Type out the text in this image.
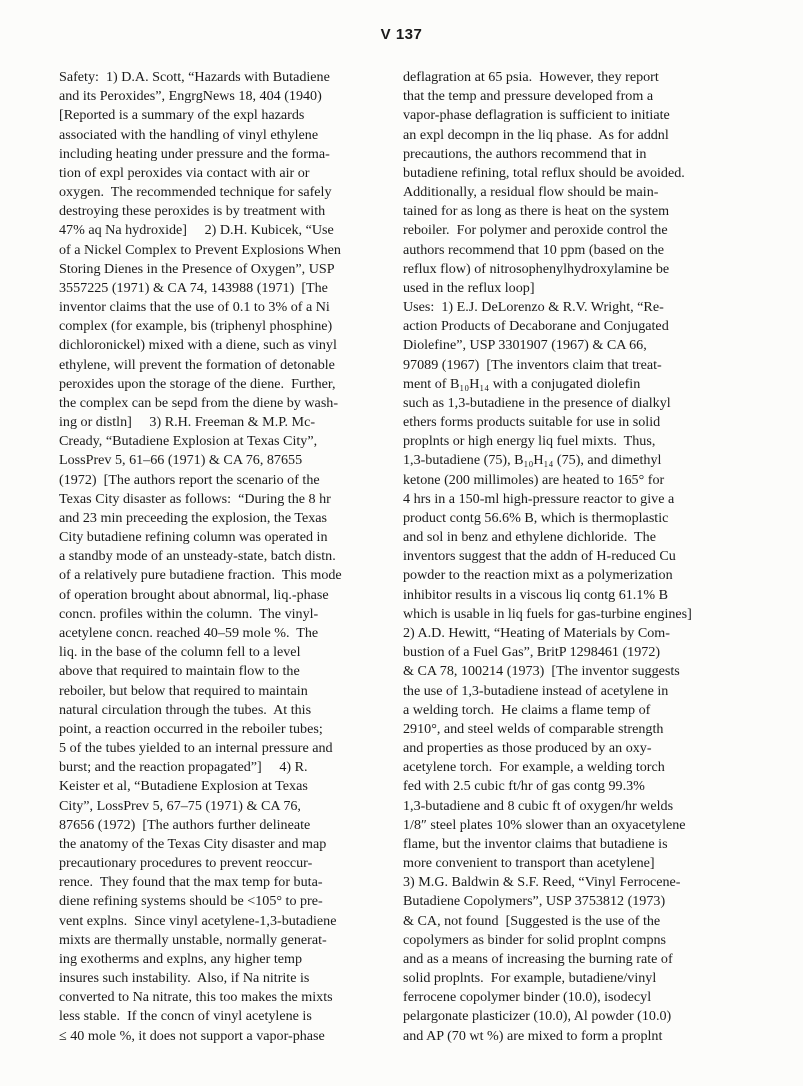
V 137
Safety:  1) D.A. Scott, “Hazards with Butadiene
and its Peroxides”, EngrgNews 18, 404 (1940)
[Reported is a summary of the expl hazards
associated with the handling of vinyl ethylene
including heating under pressure and the forma-
tion of expl peroxides via contact with air or
oxygen.  The recommended technique for safely
destroying these peroxides is by treatment with
47% aq Na hydroxide]     2) D.H. Kubicek, “Use
of a Nickel Complex to Prevent Explosions When
Storing Dienes in the Presence of Oxygen”, USP
3557225 (1971) & CA 74, 143988 (1971)  [The
inventor claims that the use of 0.1 to 3% of a Ni
complex (for example, bis (triphenyl phosphine)
dichloronickel) mixed with a diene, such as vinyl
ethylene, will prevent the formation of detonable
peroxides upon the storage of the diene.  Further,
the complex can be sepd from the diene by wash-
ing or distln]     3) R.H. Freeman & M.P. Mc-
Cready, “Butadiene Explosion at Texas City”,
LossPrev 5, 61–66 (1971) & CA 76, 87655
(1972)  [The authors report the scenario of the
Texas City disaster as follows:  “During the 8 hr
and 23 min preceeding the explosion, the Texas
City butadiene refining column was operated in
a standby mode of an unsteady-state, batch distn.
of a relatively pure butadiene fraction.  This mode
of operation brought about abnormal, liq.-phase
concn. profiles within the column.  The vinyl-
acetylene concn. reached 40–59 mole %.  The
liq. in the base of the column fell to a level
above that required to maintain flow to the
reboiler, but below that required to maintain
natural circulation through the tubes.  At this
point, a reaction occurred in the reboiler tubes;
5 of the tubes yielded to an internal pressure and
burst; and the reaction propagated”]     4) R.
Keister et al, “Butadiene Explosion at Texas
City”, LossPrev 5, 67–75 (1971) & CA 76,
87656 (1972)  [The authors further delineate
the anatomy of the Texas City disaster and map
precautionary procedures to prevent reoccur-
rence.  They found that the max temp for buta-
diene refining systems should be <105° to pre-
vent explns.  Since vinyl acetylene-1,3-butadiene
mixts are thermally unstable, normally generat-
ing exotherms and explns, any higher temp
insures such instability.  Also, if Na nitrite is
converted to Na nitrate, this too makes the mixts
less stable.  If the concn of vinyl acetylene is
≤ 40 mole %, it does not support a vapor-phase
deflagration at 65 psia.  However, they report
that the temp and pressure developed from a
vapor-phase deflagration is sufficient to initiate
an expl decompn in the liq phase.  As for addnl
precautions, the authors recommend that in
butadiene refining, total reflux should be avoided.
Additionally, a residual flow should be main-
tained for as long as there is heat on the system
reboiler.  For polymer and peroxide control the
authors recommend that 10 ppm (based on the
reflux flow) of nitrosophenylhydroxylamine be
used in the reflux loop]
Uses:  1) E.J. DeLorenzo & R.V. Wright, “Re-
action Products of Decaborane and Conjugated
Diolefine”, USP 3301907 (1967) & CA 66,
97089 (1967)  [The inventors claim that treat-
ment of B₁₀H₁₄ with a conjugated diolefin
such as 1,3-butadiene in the presence of dialkyl
ethers forms products suitable for use in solid
proplnts or high energy liq fuel mixts.  Thus,
1,3-butadiene (75), B₁₀H₁₄ (75), and dimethyl
ketone (200 millimoles) are heated to 165° for
4 hrs in a 150-ml high-pressure reactor to give a
product contg 56.6% B, which is thermoplastic
and sol in benz and ethylene dichloride.  The
inventors suggest that the addn of H-reduced Cu
powder to the reaction mixt as a polymerization
inhibitor results in a viscous liq contg 61.1% B
which is usable in liq fuels for gas-turbine engines]
2) A.D. Hewitt, “Heating of Materials by Com-
bustion of a Fuel Gas”, BritP 1298461 (1972)
& CA 78, 100214 (1973)  [The inventor suggests
the use of 1,3-butadiene instead of acetylene in
a welding torch.  He claims a flame temp of
2910°, and steel welds of comparable strength
and properties as those produced by an oxy-
acetylene torch.  For example, a welding torch
fed with 2.5 cubic ft/hr of gas contg 99.3%
1,3-butadiene and 8 cubic ft of oxygen/hr welds
1/8″ steel plates 10% slower than an oxyacetylene
flame, but the inventor claims that butadiene is
more convenient to transport than acetylene]
3) M.G. Baldwin & S.F. Reed, “Vinyl Ferrocene-
Butadiene Copolymers”, USP 3753812 (1973)
& CA, not found  [Suggested is the use of the
copolymers as binder for solid proplnt compns
and as a means of increasing the burning rate of
solid proplnts.  For example, butadiene/vinyl
ferrocene copolymer binder (10.0), isodecyl
pelargonate plasticizer (10.0), Al powder (10.0)
and AP (70 wt %) are mixed to form a proplnt
